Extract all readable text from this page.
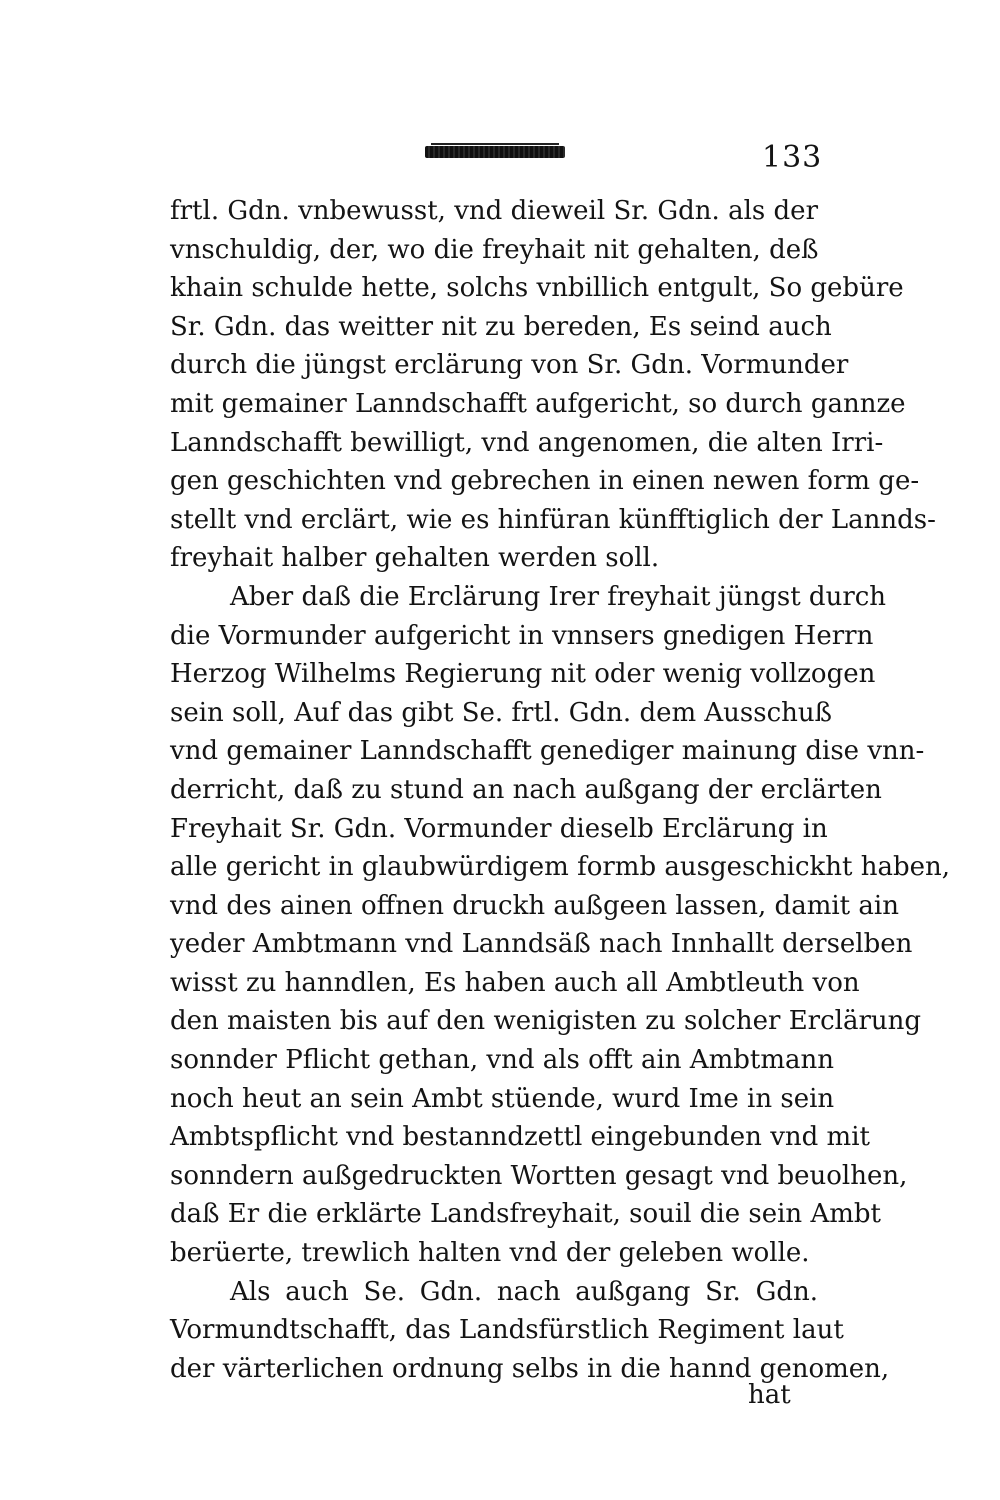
133
frtl. Gdn. vnbewusst, vnd dieweil Sr. Gdn. als der
vnschuldig, der, wo die freyhait nit gehalten, deß
khain schulde hette, solchs vnbillich entgult, So gebüre
Sr. Gdn. das weitter nit zu bereden, Es seind auch
durch die jüngst erclärung von Sr. Gdn. Vormunder
mit gemainer Lanndschafft aufgericht, so durch gannze
Lanndschafft bewilligt, vnd angenomen, die alten Irri-
gen geschichten vnd gebrechen in einen newen form ge-
stellt vnd erclärt, wie es hinfüran künfftiglich der Lannds-
freyhait halber gehalten werden soll.
Aber daß die Erclärung Irer freyhait jüngst durch
die Vormunder aufgericht in vnnsers gnedigen Herrn
Herzog Wilhelms Regierung nit oder wenig vollzogen
sein soll, Auf das gibt Se. frtl. Gdn. dem Ausschuß
vnd gemainer Lanndschafft genediger mainung dise vnn-
derricht, daß zu stund an nach außgang der erclärten
Freyhait Sr. Gdn. Vormunder dieselb Erclärung in
alle gericht in glaubwürdigem formb ausgeschickht haben,
vnd des ainen offnen druckh außgeen lassen, damit ain
yeder Ambtmann vnd Lanndsäß nach Innhallt derselben
wisst zu hanndlen, Es haben auch all Ambtleuth von
den maisten bis auf den wenigisten zu solcher Erclärung
sonnder Pflicht gethan, vnd als offt ain Ambtmann
noch heut an sein Ambt stüende, wurd Ime in sein
Ambtspflicht vnd bestanndzettl eingebunden vnd mit
sonndern außgedruckten Wortten gesagt vnd beuolhen,
daß Er die erklärte Landsfreyhait, souil die sein Ambt
berüerte, trewlich halten vnd der geleben wolle.
Als auch Se. Gdn. nach außgang Sr. Gdn.
Vormundtschafft, das Landsfürstlich Regiment laut
der värterlichen ordnung selbs in die hannd genomen,
hat
